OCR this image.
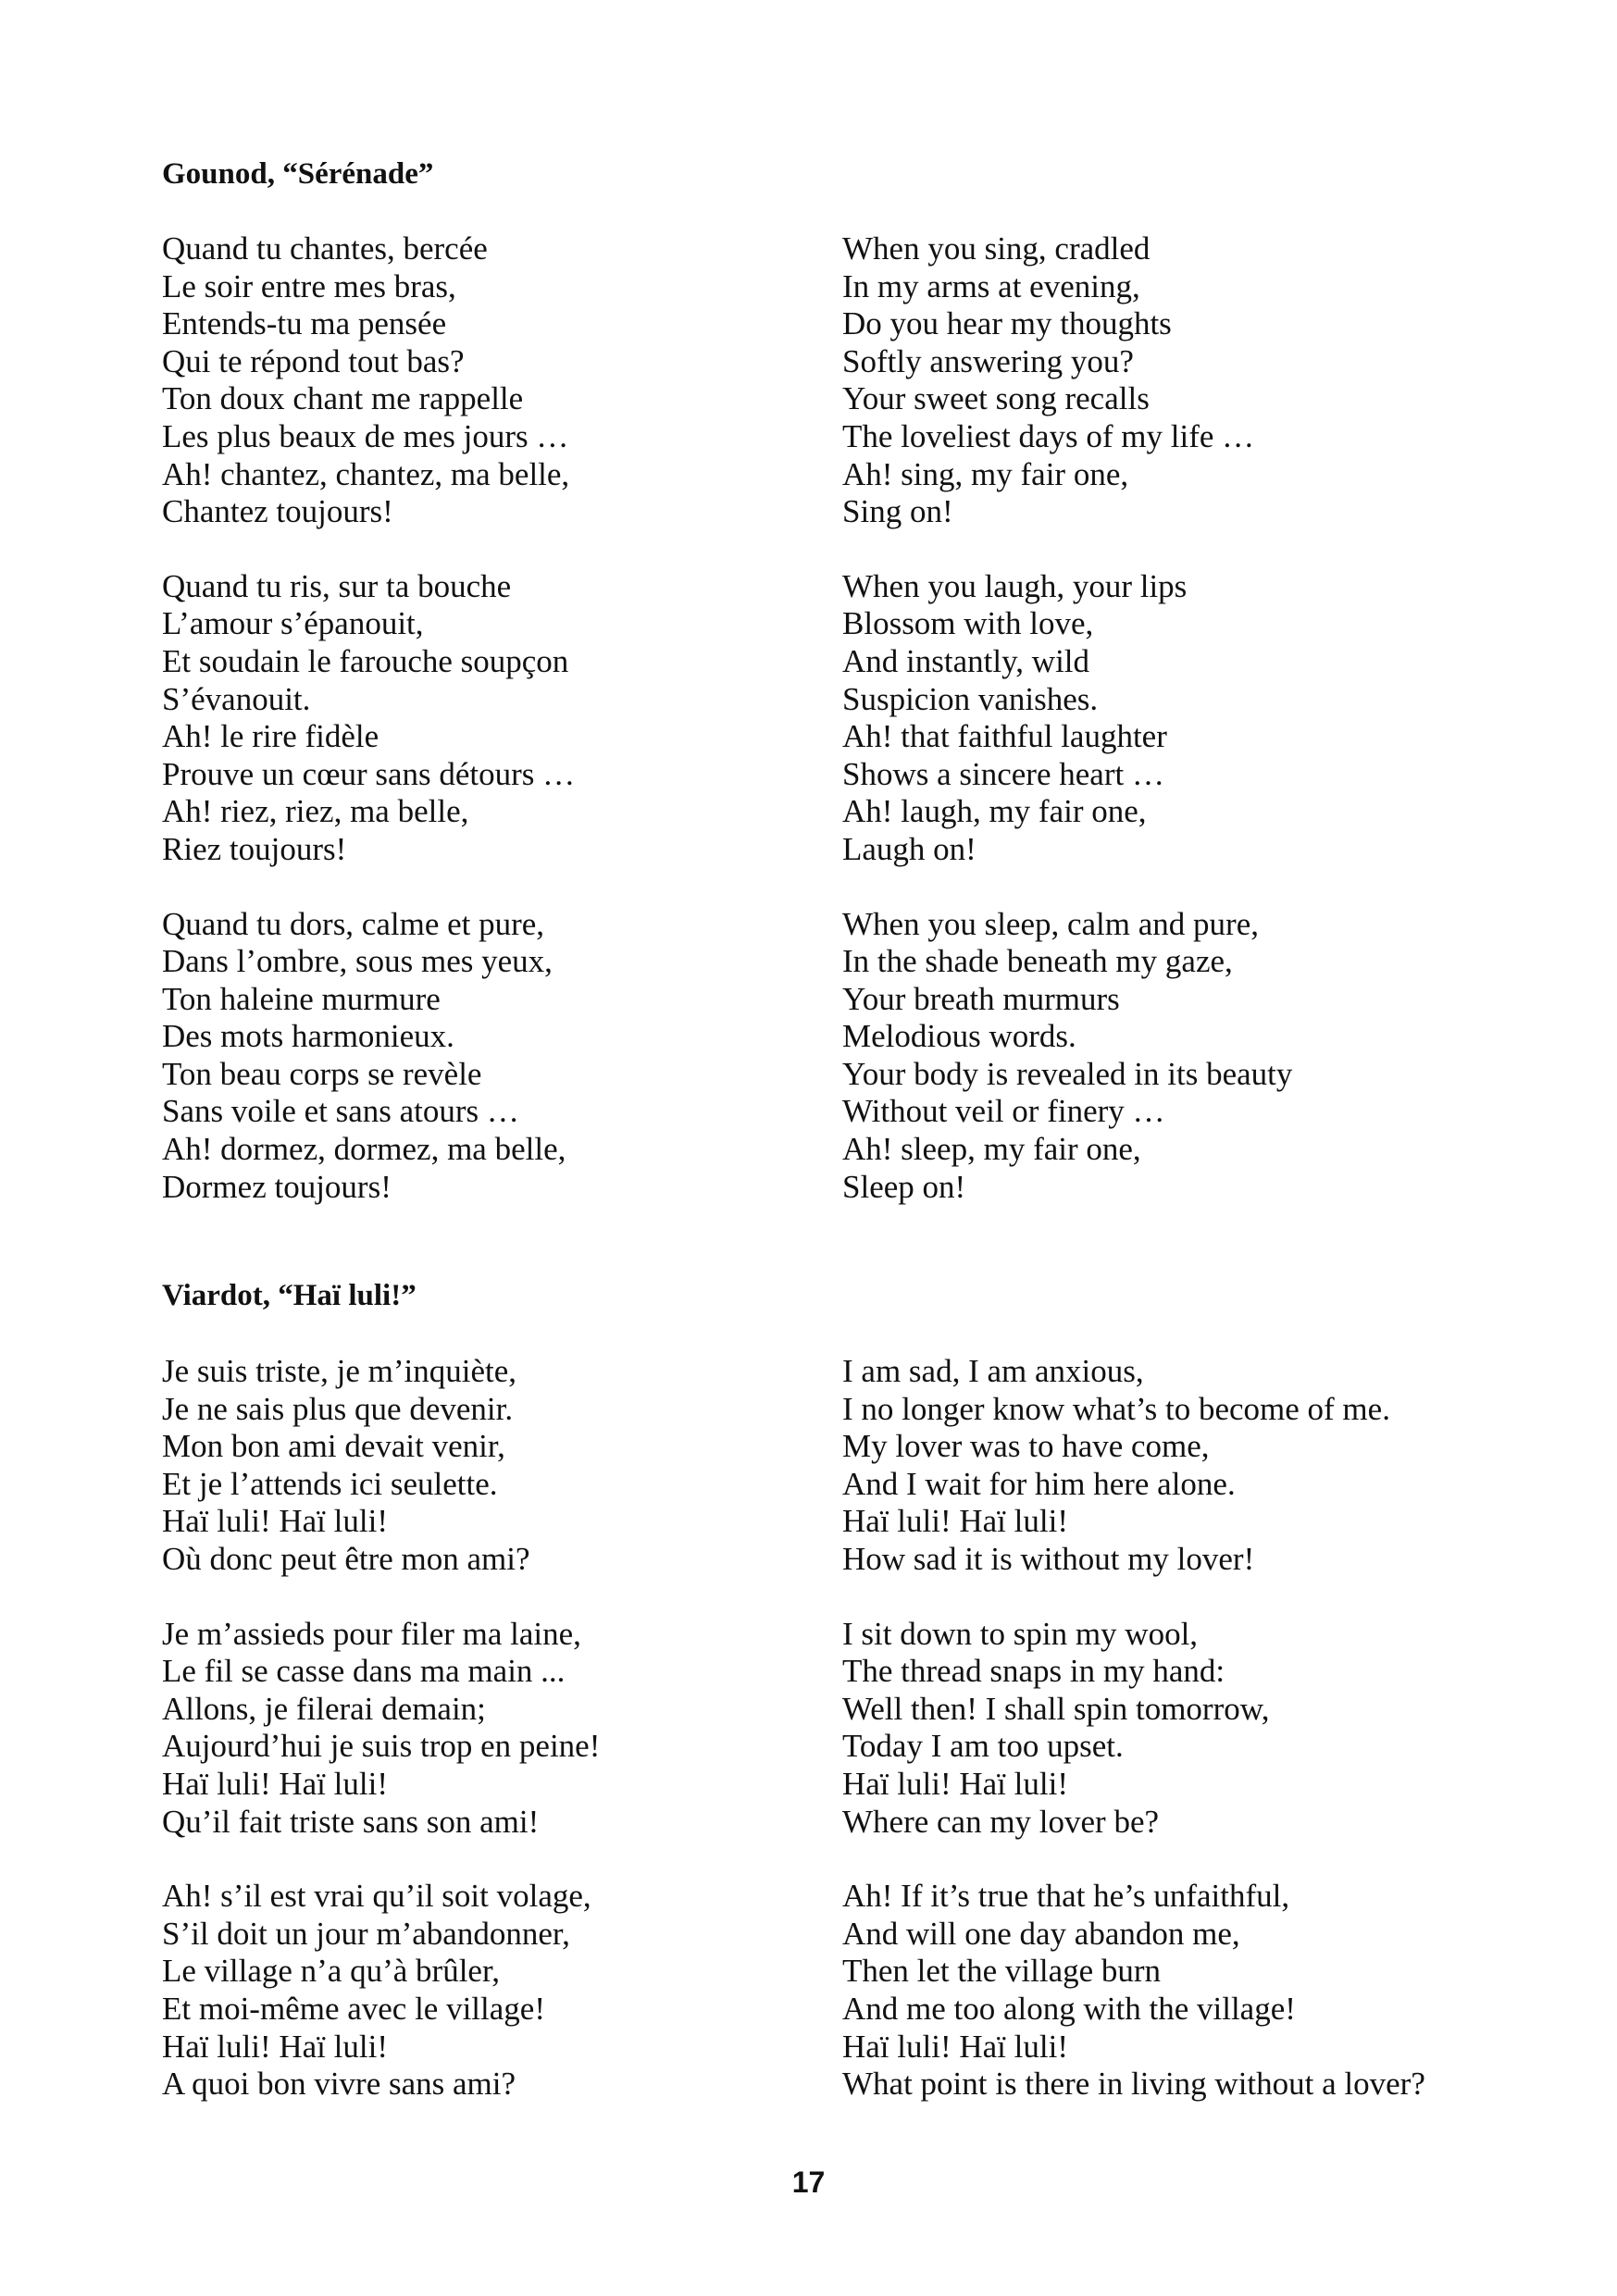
Gounod, “Sérénade”
Quand tu chantes, bercée
Le soir entre mes bras,
Entends-tu ma pensée
Qui te répond tout bas?
Ton doux chant me rappelle
Les plus beaux de mes jours …
Ah! chantez, chantez, ma belle,
Chantez toujours!
Quand tu ris, sur ta bouche
L’amour s’épanouit,
Et soudain le farouche soupçon
S’évanouit.
Ah! le rire fidèle
Prouve un cœur sans détours …
Ah! riez, riez, ma belle,
Riez toujours!
Quand tu dors, calme et pure,
Dans l’ombre, sous mes yeux,
Ton haleine murmure
Des mots harmonieux.
Ton beau corps se revèle
Sans voile et sans atours …
Ah! dormez, dormez, ma belle,
Dormez toujours!
When you sing, cradled
In my arms at evening,
Do you hear my thoughts
Softly answering you?
Your sweet song recalls
The loveliest days of my life …
Ah! sing, my fair one,
Sing on!
When you laugh, your lips
Blossom with love,
And instantly, wild
Suspicion vanishes.
Ah! that faithful laughter
Shows a sincere heart …
Ah! laugh, my fair one,
Laugh on!
When you sleep, calm and pure,
In the shade beneath my gaze,
Your breath murmurs
Melodious words.
Your body is revealed in its beauty
Without veil or finery …
Ah! sleep, my fair one,
Sleep on!
Viardot, “Haï luli!”
Je suis triste, je m’inquiète,
Je ne sais plus que devenir.
Mon bon ami devait venir,
Et je l’attends ici seulette.
Haï luli! Haï luli!
Où donc peut être mon ami?
Je m’assieds pour filer ma laine,
Le fil se casse dans ma main ...
Allons, je filerai demain;
Aujourd’hui je suis trop en peine!
Haï luli! Haï luli!
Qu’il fait triste sans son ami!
Ah! s’il est vrai qu’il soit volage,
S’il doit un jour m’abandonner,
Le village n’a qu’à brûler,
Et moi-même avec le village!
Haï luli! Haï luli!
A quoi bon vivre sans ami?
I am sad, I am anxious,
I no longer know what’s to become of me.
My lover was to have come,
And I wait for him here alone.
Haï luli! Haï luli!
How sad it is without my lover!
I sit down to spin my wool,
The thread snaps in my hand:
Well then! I shall spin tomorrow,
Today I am too upset.
Haï luli! Haï luli!
Where can my lover be?
Ah! If it’s true that he’s unfaithful,
And will one day abandon me,
Then let the village burn
And me too along with the village!
Haï luli! Haï luli!
What point is there in living without a lover?
17
